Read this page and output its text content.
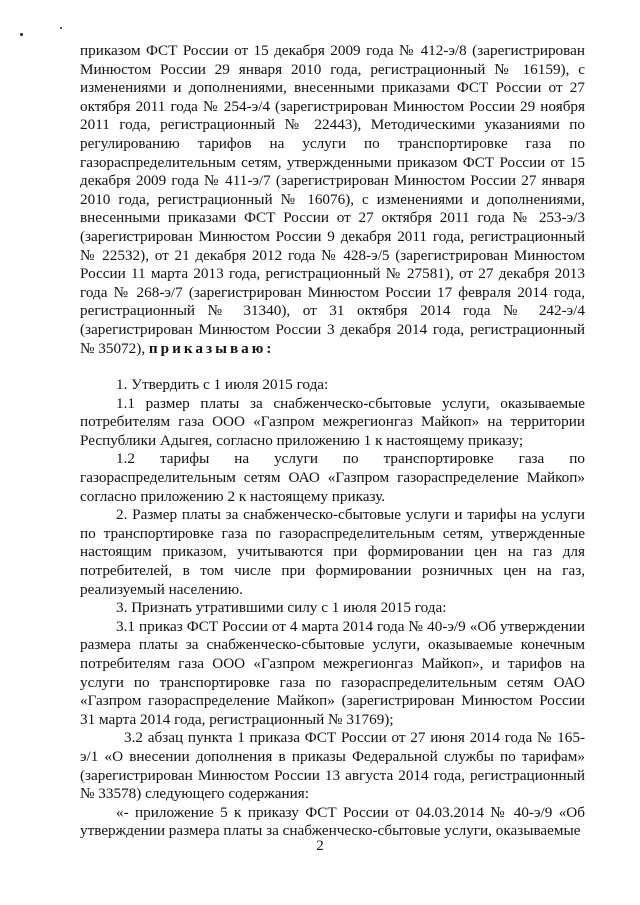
приказом ФСТ России от 15 декабря 2009 года № 412-э/8 (зарегистрирован Минюстом России 29 января 2010 года, регистрационный № 16159), с изменениями и дополнениями, внесенными приказами ФСТ России от 27 октября 2011 года № 254-э/4 (зарегистрирован Минюстом России 29 ноября 2011 года, регистрационный № 22443), Методическими указаниями по регулированию тарифов на услуги по транспортировке газа по газораспределительным сетям, утвержденными приказом ФСТ России от 15 декабря 2009 года № 411-э/7 (зарегистрирован Минюстом России 27 января 2010 года, регистрационный № 16076), с изменениями и дополнениями, внесенными приказами ФСТ России от 27 октября 2011 года № 253-э/3 (зарегистрирован Минюстом России 9 декабря 2011 года, регистрационный № 22532), от 21 декабря 2012 года № 428-э/5 (зарегистрирован Минюстом России 11 марта 2013 года, регистрационный № 27581), от 27 декабря 2013 года № 268-э/7 (зарегистрирован Минюстом России 17 февраля 2014 года, регистрационный № 31340), от 31 октября 2014 года № 242-э/4 (зарегистрирован Минюстом России 3 декабря 2014 года, регистрационный № 35072), приказываю:

1. Утвердить с 1 июля 2015 года:

1.1 размер платы за снабженческо-сбытовые услуги, оказываемые потребителям газа ООО «Газпром межрегионгаз Майкоп» на территории Республики Адыгея, согласно приложению 1 к настоящему приказу;

1.2 тарифы на услуги по транспортировке газа по газораспределительным сетям ОАО «Газпром газораспределение Майкоп» согласно приложению 2 к настоящему приказу.

2. Размер платы за снабженческо-сбытовые услуги и тарифы на услуги по транспортировке газа по газораспределительным сетям, утвержденные настоящим приказом, учитываются при формировании цен на газ для потребителей, в том числе при формировании розничных цен на газ, реализуемый населению.

3. Признать утратившими силу с 1 июля 2015 года:

3.1 приказ ФСТ России от 4 марта 2014 года № 40-э/9 «Об утверждении размера платы за снабженческо-сбытовые услуги, оказываемые конечным потребителям газа ООО «Газпром межрегионгаз Майкоп», и тарифов на услуги по транспортировке газа по газораспределительным сетям ОАО «Газпром газораспределение Майкоп» (зарегистрирован Минюстом России 31 марта 2014 года, регистрационный № 31769);

3.2 абзац пункта 1 приказа ФСТ России от 27 июня 2014 года № 165-э/1 «О внесении дополнения в приказы Федеральной службы по тарифам» (зарегистрирован Минюстом России 13 августа 2014 года, регистрационный № 33578) следующего содержания:

«- приложение 5 к приказу ФСТ России от 04.03.2014 № 40-э/9 «Об утверждении размера платы за снабженческо-сбытовые услуги, оказываемые

2
